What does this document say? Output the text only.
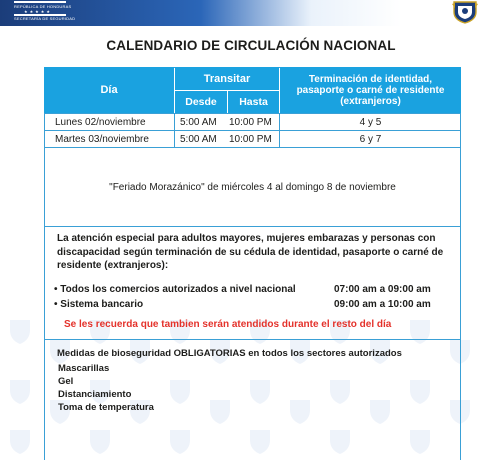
REPÚBLICA DE HONDURAS
★★★★★
SECRETARÍA DE SEGURIDAD
CALENDARIO DE CIRCULACIÓN NACIONAL
Día
Transitar
Desde	Hasta
Terminación de identidad, pasaporte o carné de residente (extranjeros)
Lunes 02/noviembre	5:00 AM 10:00 PM	4 y 5
Martes 03/noviembre	5:00 AM 10:00 PM	6 y 7
"Feriado Morazánico" de miércoles 4 al domingo 8 de noviembre
La atención especial para adultos mayores, mujeres embarazas y personas con discapacidad según terminación de su cédula de identidad, pasaporte o carné de residente (extranjeros):
• Todos los comercios autorizados a nivel nacional	07:00 am a 09:00 am
• Sistema bancario	09:00 am a 10:00 am
Se les recuerda que tambien serán atendidos durante el resto del día
Medidas de bioseguridad OBLIGATORIAS en todos los sectores autorizados
Mascarillas
Gel
Distanciamiento
Toma de temperatura
